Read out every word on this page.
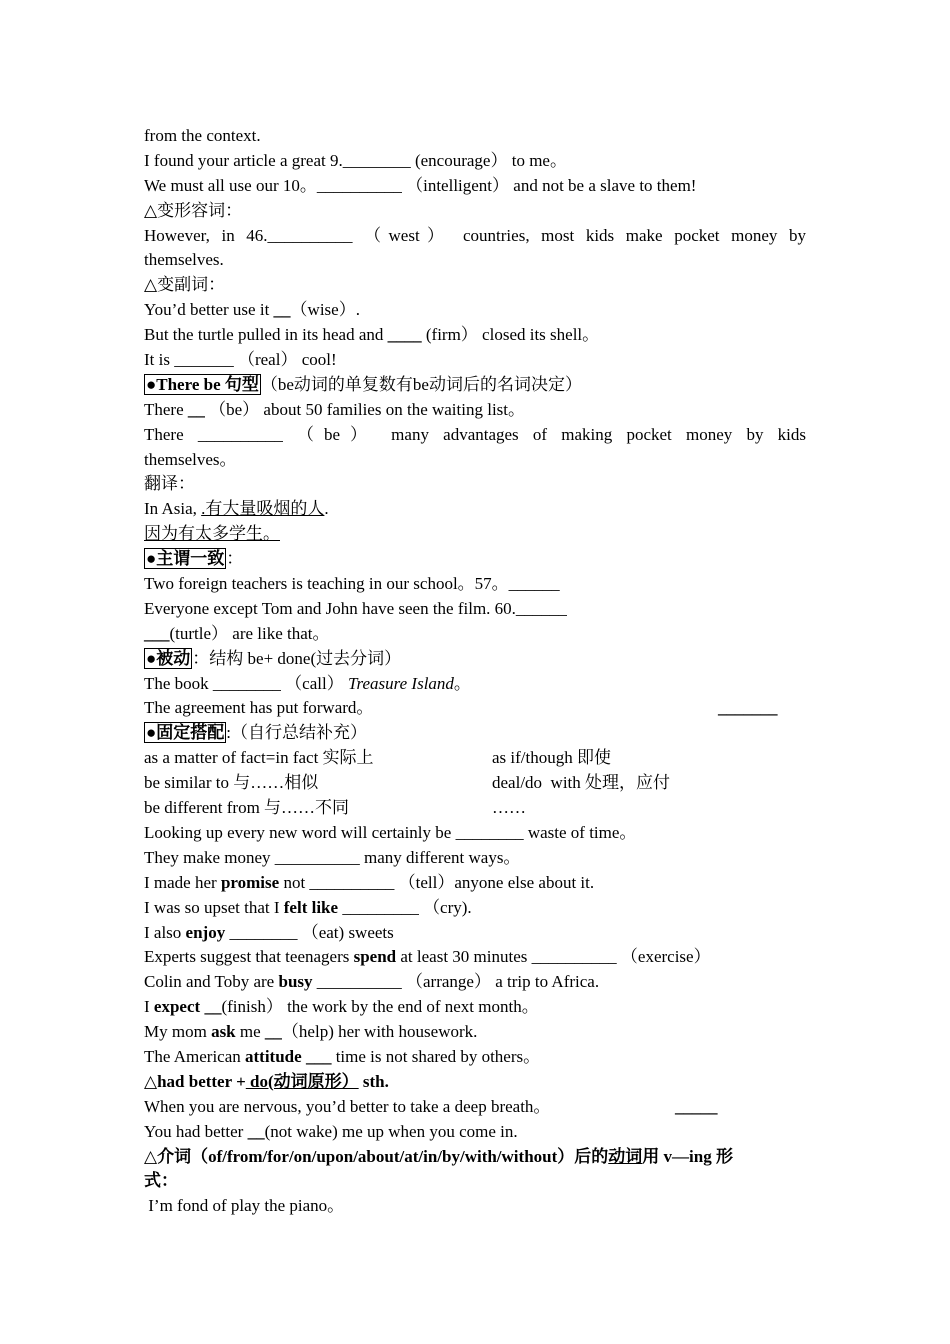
from the context.
I found your article a great 9.________ (encourage） to me。
We must all use our 10。__________ （intelligent） and not be a slave to them!
△变形容词：
However, in 46.__________ （west） countries, most kids make pocket money by
themselves.
△变副词：
You’d better use it __（wise）.
But the turtle pulled in its head and ____ (firm） closed its shell。
It is _______ （real） cool!
●There be 句型 （be动词的单复数有be动词后的名词决定）
There __ （be） about 50 families on the waiting list。
There __________ （be） many advantages of making pocket money by kids
themselves。
翻译：
In Asia, .有大量吸烟的人.
因为有太多学生。
●主谓一致 ：
Two foreign teachers is teaching in our school。57。______
Everyone except Tom and John have seen the film. 60.______
___(turtle） are like that。
●被动 ：结构 be+ done(过去分词）
The book ________ （call） Treasure Island。
The agreement has put forward。	_______
●固定搭配 :（自行总结补充）
as a matter of fact=in fact 实际上	as if/though 即使
be similar to 与……相似	deal/do  with 处理，应付
be different from 与……不同	……
Looking up every new word will certainly be ________ waste of time。
They make money __________ many different ways。
I made her promise not __________ （tell）anyone else about it.
I was so upset that I felt like _________ （cry).
I also enjoy ________ （eat) sweets
Experts suggest that teenagers spend at least 30 minutes __________ （exercise）
Colin and Toby are busy __________ （arrange） a trip to Africa.
I expect __(finish） the work by the end of next month。
My mom ask me __（help) her with housework.
The American attitude ___ time is not shared by others。
△had better + do(动词原形） sth.
When you are nervous, you’d better to take a deep breath。	_____
You had better __(not wake) me up when you come in.
△介词（of/from/for/on/upon/about/at/in/by/with/without）后的动词用 v—ing 形
式：
I’m fond of play the piano。
